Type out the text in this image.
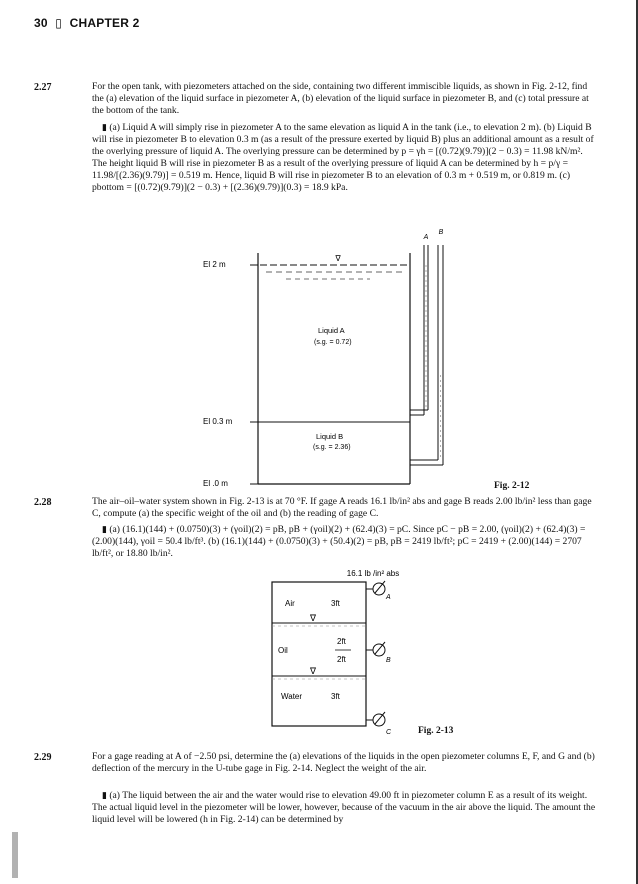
30 ▯ CHAPTER 2
2.27	For the open tank, with piezometers attached on the side, containing two different immiscible liquids, as shown in Fig. 2-12, find the (a) elevation of the liquid surface in piezometer A, (b) elevation of the liquid surface in piezometer B, and (c) total pressure at the bottom of the tank.

▮ (a) Liquid A will simply rise in piezometer A to the same elevation as liquid A in the tank (i.e., to elevation 2 m). (b) Liquid B will rise in piezometer B to elevation 0.3 m (as a result of the pressure exerted by liquid B) plus an additional amount as a result of the overlying pressure of liquid A. The overlying pressure can be determined by p = γh = [(0.72)(9.79)](2 − 0.3) = 11.98 kN/m². The height liquid B will rise in piezometer B as a result of the overlying pressure of liquid A can be determined by h = p/γ = 11.98/[(2.36)(9.79)] = 0.519 m. Hence, liquid B will rise in piezometer B to an elevation of 0.3 m + 0.519 m, or 0.819 m. (c) pbottom = [(0.72)(9.79)](2 − 0.3) + [(2.36)(9.79)](0.3) = 18.9 kPa.

∇
El 2 m
El 0.3 m
El .0 m
Liquid A
(s.g. = 0.72)
Liquid B
(s.g. = 2.36)
A
B
Fig. 2-12
2.28	The air–oil–water system shown in Fig. 2-13 is at 70 °F. If gage A reads 16.1 lb/in² abs and gage B reads 2.00 lb/in² less than gage C, compute (a) the specific weight of the oil and (b) the reading of gage C.

▮ (a) (16.1)(144) + (0.0750)(3) + (γoil)(2) = pB, pB + (γoil)(2) + (62.4)(3) = pC. Since pC − pB = 2.00, (γoil)(2) + (62.4)(3) = (2.00)(144), γoil = 50.4 lb/ft³. (b) (16.1)(144) + (0.0750)(3) + (50.4)(2) = pB, pB = 2419 lb/ft²; pC = 2419 + (2.00)(144) = 2707 lb/ft², or 18.80 lb/in².

16.1 lb /in² abs
∇
∇
Air	3ft
Oil
2ft
2ft
Water	3ft
A
B
C	Fig. 2-13
2.29	For a gage reading at A of −2.50 psi, determine the (a) elevations of the liquids in the open piezometer columns E, F, and G and (b) deflection of the mercury in the U-tube gage in Fig. 2-14. Neglect the weight of the air.

▮ (a) The liquid between the air and the water would rise to elevation 49.00 ft in piezometer column E as a result of its weight. The actual liquid level in the piezometer will be lower, however, because of the vacuum in the air above the liquid. The amount the liquid level will be lowered (h in Fig. 2-14) can be determined by
